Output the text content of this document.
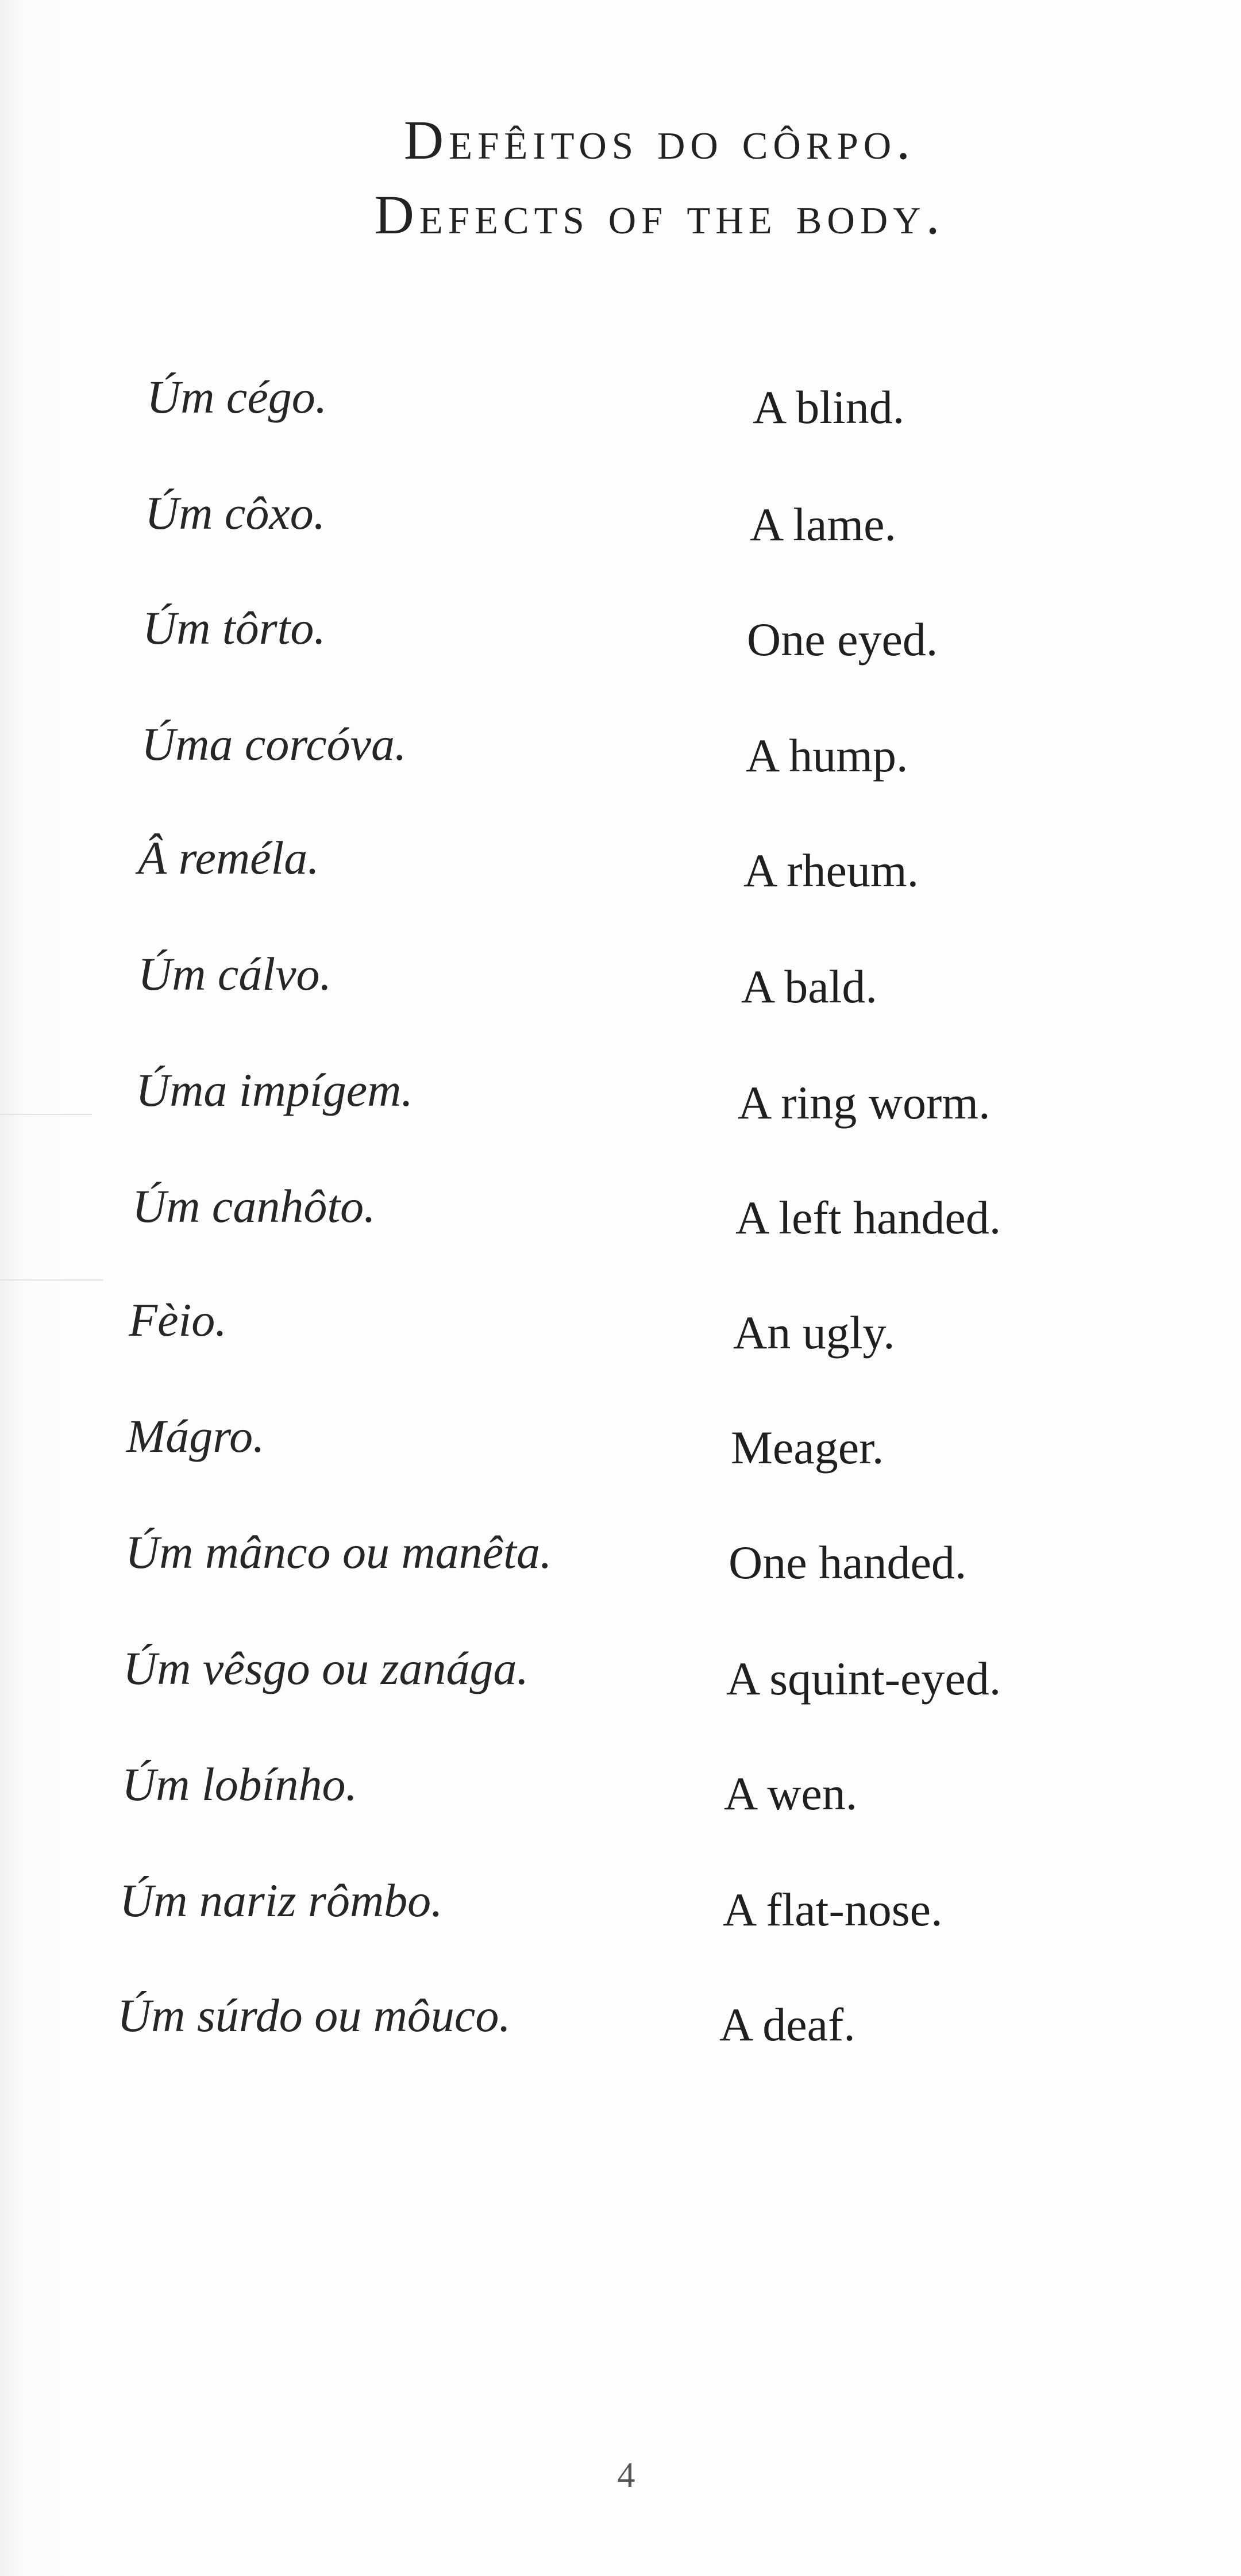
Defêitos do côrpo.
Defects of the body.
Úm cégo.	A blind.
Úm côxo.	A lame.
Úm tôrto.	One eyed.
Úma corcóva.	A hump.
Â reméla.	A rheum.
Úm cálvo.	A bald.
Úma impígem.	A ring worm.
Úm canhôto.	A left handed.
Fèio.	An ugly.
Mágro.	Meager.
Úm mânco ou manêta.	One handed.
Úm vêsgo ou zanága.	A squint-eyed.
Úm lobínho.	A wen.
Úm nariz rômbo.	A flat-nose.
Úm súrdo ou môuco.	A deaf.
4
